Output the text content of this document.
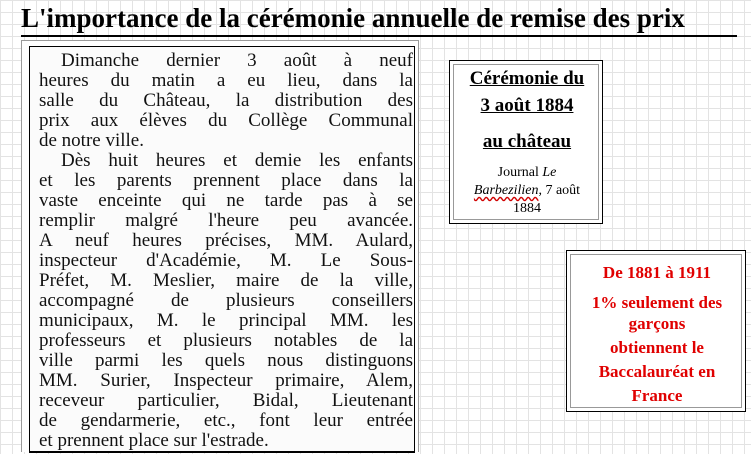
L'importance de la cérémonie annuelle de remise des prix
Dimanche dernier 3 août à neuf
heures du matin a eu lieu, dans la
salle du Château, la distribution des
prix aux élèves du Collège Communal
de notre ville.
Dès huit heures et demie les enfants
et les parents prennent place dans la
vaste enceinte qui ne tarde pas à se
remplir malgré l'heure peu avancée.
A neuf heures précises, MM. Aulard,
inspecteur d'Académie, M. Le Sous-
Préfet, M. Meslier, maire de la ville,
accompagné de plusieurs conseillers
municipaux, M. le principal MM. les
professeurs et plusieurs notables de la
ville parmi les quels nous distinguons
MM. Surier, Inspecteur primaire, Alem,
receveur particulier, Bidal, Lieutenant
de gendarmerie, etc., font leur entrée
et prennent place sur l'estrade.
Cérémonie du
3 août 1884
au château
Journal Le
Barbezilien, 7 août
1884
De 1881 à 1911
1% seulement des
garçons
obtiennent le
Baccalauréat en
France
